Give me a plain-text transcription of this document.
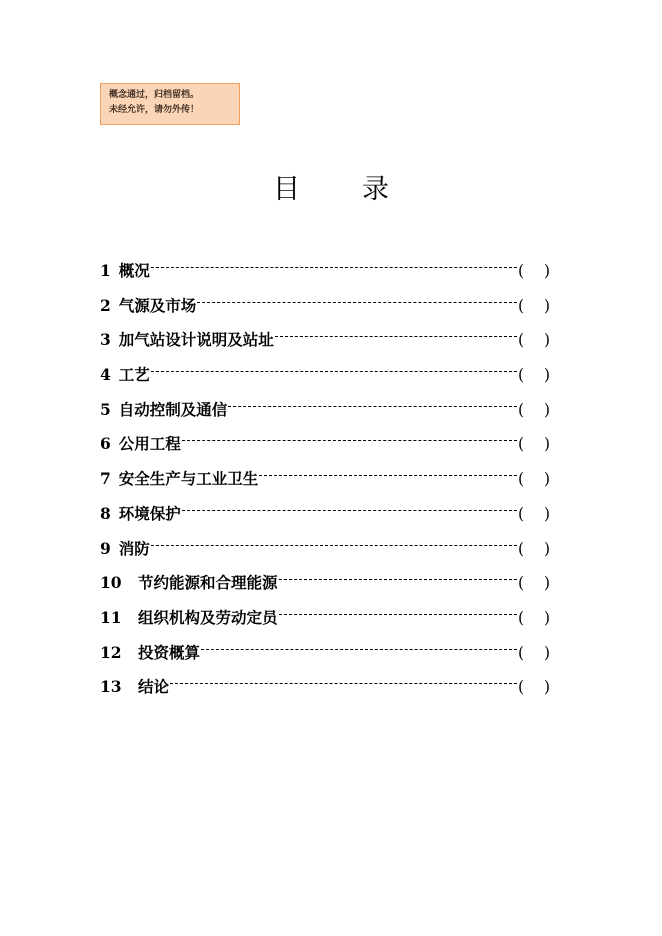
概念通过，归档留档。
未经允许，请勿外传！
目 录
1 概况	( )
2 气源及市场	( )
3 加气站设计说明及站址	( )
4 工艺	( )
5 自动控制及通信	( )
6 公用工程	( )
7 安全生产与工业卫生	( )
8 环境保护	( )
9 消防	( )
10	节约能源和合理能源	( )
11	组织机构及劳动定员	( )
12	投资概算	( )
13	结论	( )
